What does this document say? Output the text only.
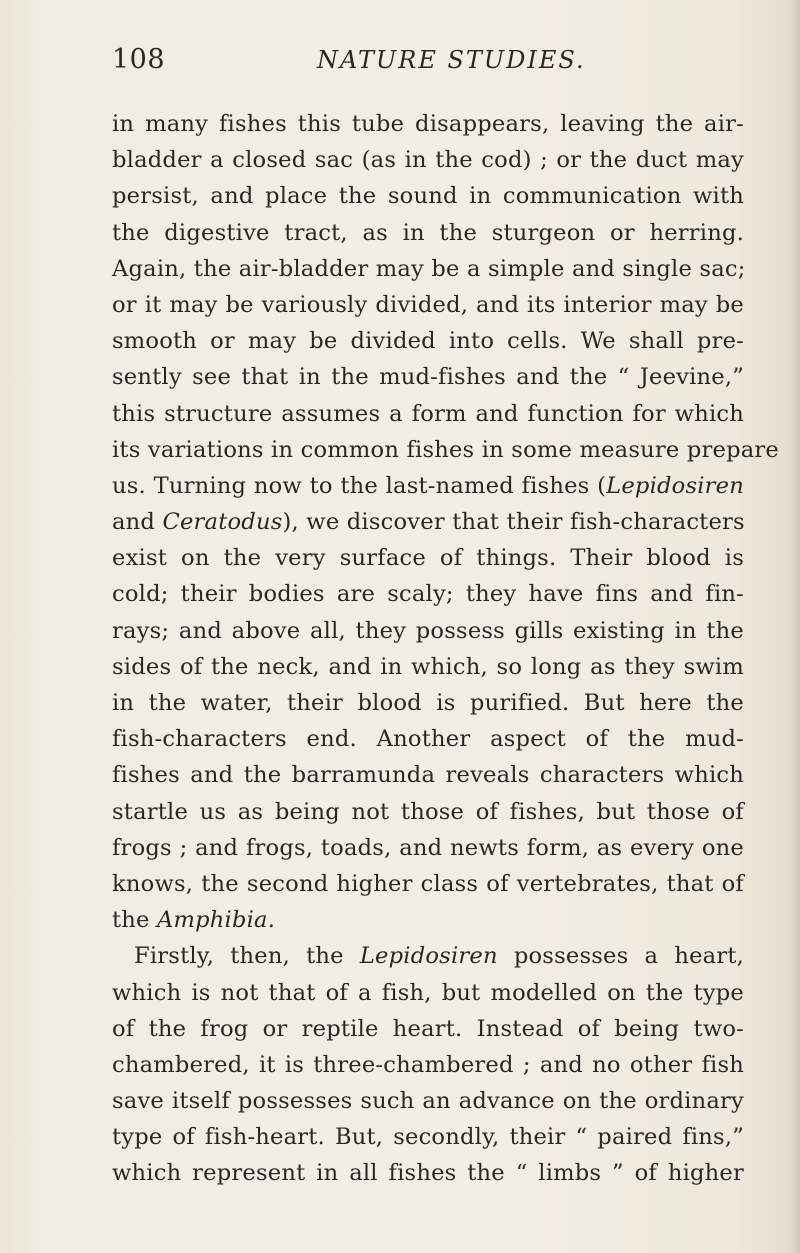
108	NATURE STUDIES.
in many fishes this tube disappears, leaving the air-
bladder a closed sac (as in the cod) ; or the duct may
persist, and place the sound in communication with
the digestive tract, as in the sturgeon or herring.
Again, the air-bladder may be a simple and single sac;
or it may be variously divided, and its interior may be
smooth or may be divided into cells. We shall pre-
sently see that in the mud-fishes and the “ Jeevine,”
this structure assumes a form and function for which
its variations in common fishes in some measure prepare
us. Turning now to the last-named fishes (Lepidosiren
and Ceratodus), we discover that their fish-characters
exist on the very surface of things. Their blood is
cold; their bodies are scaly; they have fins and fin-
rays; and above all, they possess gills existing in the
sides of the neck, and in which, so long as they swim
in the water, their blood is purified. But here the
fish-characters end. Another aspect of the mud-
fishes and the barramunda reveals characters which
startle us as being not those of fishes, but those of
frogs ; and frogs, toads, and newts form, as every one
knows, the second higher class of vertebrates, that of
the Amphibia.
Firstly, then, the Lepidosiren possesses a heart,
which is not that of a fish, but modelled on the type
of the frog or reptile heart. Instead of being two-
chambered, it is three-chambered ; and no other fish
save itself possesses such an advance on the ordinary
type of fish-heart. But, secondly, their “ paired fins,”
which represent in all fishes the “ limbs ” of higher
